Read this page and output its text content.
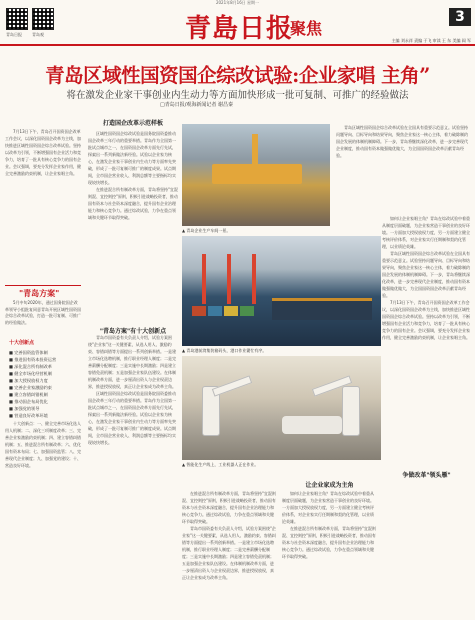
2021年8月16日 星期一
青岛日报	青岛观	青島日报
聚焦
3
主编 刘永祥 责编 于飞 审读 王 东 美编 阎 军
青岛区域性国资国企综改试验:企业家唱 主角”
将在激发企业家干事创业内生动力等方面加快形成一批可复制、可推广的经验做法
□青岛日报/观海新闻记者 谢昌秦

7月13日下午，青岛召开国资国企改革工作会议，以深化国资国企改革为主线，加快推进区域性国资国企综合改革试验。坚持以改革为引领，不断增强国有企业活力和竞争力，培育了一批具有核心竞争力的国有企业。会议强调，要充分发挥企业家作用，健全完善激励约束机制，让企业家唱主角。

"青岛方案"

5月中旬2020年，通过国务院国企改革领导小组批复同意青岛开展区域性国资国企综合改革试验，打造一批可复制、可推广的经验做法。

十大创新点
■ 完善国资监管体制
■ 推进国有资本投资运营
■ 深化混合所有制改革
■ 健全市场化经营机制
■ 加大授权放权力度
■ 完善企业家激励约束
■ 建立容错纠错机制
■ 推动国企布局优化
■ 加强党的领导
■ 营造良好改革环境

十大创新点：一、健全完善市场化选人用人机制；二、深化三项制度改革；三、完善企业家激励约束机制；四、建立容错纠错机制；五、推进混合所有制改革；六、优化国有资本布局；七、加强国资监管；八、完善现代企业制度；九、加强党的建设；十、营造良好环境。

打造国企改革示范样板

区域性国资国企综改试验是国务院国资委推动国企改革三年行动的重要举措。青岛作为全国第一批试点城市之一，在国资国企改革方面先行先试，探索出一系列新做法新经验。试验以企业家为核心，在激发企业家干事创业内生动力等方面率先突破，形成了一批可复制可推广的制度成果。试点期间，全市国企营业收入、利润总额等主要指标均实现较快增长。

在推进混合所有制改革方面，青岛将坚持"宜混则混、宜控则控"原则，积极引进战略投资者，推动国有资本与社会资本深度融合，提升国有企业治理能力和核心竞争力。通过综改试验，力争在重点领域和关键环节取得突破。

"青岛方案"有十大创新点

青岛市国资委有关负责人介绍，试验方案围绕"企业家"这一关键要素，从选人用人、激励约束、容错纠错等方面提出一系列创新举措。一是建立市场化选聘机制，推行职业经理人制度；二是完善薪酬分配制度；三是实施中长期激励；四是建立容错免责机制；五是加强企业家队伍建设。在体制机制改革方面，进一步厘清出资人与企业权责边界，推进授权放权，真正让企业家成为改革主角。

区域性国资国企综改试验是国务院国资委推动国企改革三年行动的重要举措。青岛作为全国第一批试点城市之一，在国资国企改革方面先行先试，探索出一系列新做法新经验。试验以企业家为核心，在激发企业家干事创业内生动力等方面率先突破，形成了一批可复制可推广的制度成果。试点期间，全市国企营业收入、利润总额等主要指标均实现较快增长。

▲ 青岛企业生产车间一景。
▲ 青岛港前湾集装箱码头，港口作业繁忙有序。
▲ 智能化生产线上，工业机器人正在作业。

在推进混合所有制改革方面，青岛将坚持"宜混则混、宜控则控"原则，积极引进战略投资者，推动国有资本与社会资本深度融合，提升国有企业治理能力和核心竞争力。通过综改试验，力争在重点领域和关键环节取得突破。

青岛市国资委有关负责人介绍，试验方案围绕"企业家"这一关键要素，从选人用人、激励约束、容错纠错等方面提出一系列创新举措。一是建立市场化选聘机制，推行职业经理人制度；二是完善薪酬分配制度；三是实施中长期激励；四是建立容错免责机制；五是加强企业家队伍建设。在体制机制改革方面，进一步厘清出资人与企业权责边界，推进授权放权，真正让企业家成为改革主角。

让企业家成为主角

如何让企业家唱主角？青岛在综改试验中着重从制度层面破题，为企业家营造干事创业的良好环境。一方面加大授权放权力度，另一方面建立健全考核评价体系，对企业家实行任期制和契约化管理，以业绩论英雄。

在推进混合所有制改革方面，青岛将坚持"宜混则混、宜控则控"原则，积极引进战略投资者，推动国有资本与社会资本深度融合，提升国有企业治理能力和核心竞争力。通过综改试验，力争在重点领域和关键环节取得突破。

青岛区域性国资国企综合改革试验在全国具有重要示范意义。试验坚持问题导向、目标导向和结果导向，聚焦企业家这一核心主体，着力破除制约国企发展的体制机制障碍。下一步，青岛将继续深化改革，进一步完善现代企业制度，推动国有资本做强做优做大，为全国国资国企改革贡献青岛经验。

如何让企业家唱主角？青岛在综改试验中着重从制度层面破题，为企业家营造干事创业的良好环境。一方面加大授权放权力度，另一方面建立健全考核评价体系，对企业家实行任期制和契约化管理，以业绩论英雄。

青岛区域性国资国企综合改革试验在全国具有重要示范意义。试验坚持问题导向、目标导向和结果导向，聚焦企业家这一核心主体，着力破除制约国企发展的体制机制障碍。下一步，青岛将继续深化改革，进一步完善现代企业制度，推动国有资本做强做优做大，为全国国资国企改革贡献青岛经验。

7月13日下午，青岛召开国资国企改革工作会议，以深化国资国企改革为主线，加快推进区域性国资国企综合改革试验。坚持以改革为引领，不断增强国有企业活力和竞争力，培育了一批具有核心竞争力的国有企业。会议强调，要充分发挥企业家作用，健全完善激励约束机制，让企业家唱主角。

争做改革"领头雁"
